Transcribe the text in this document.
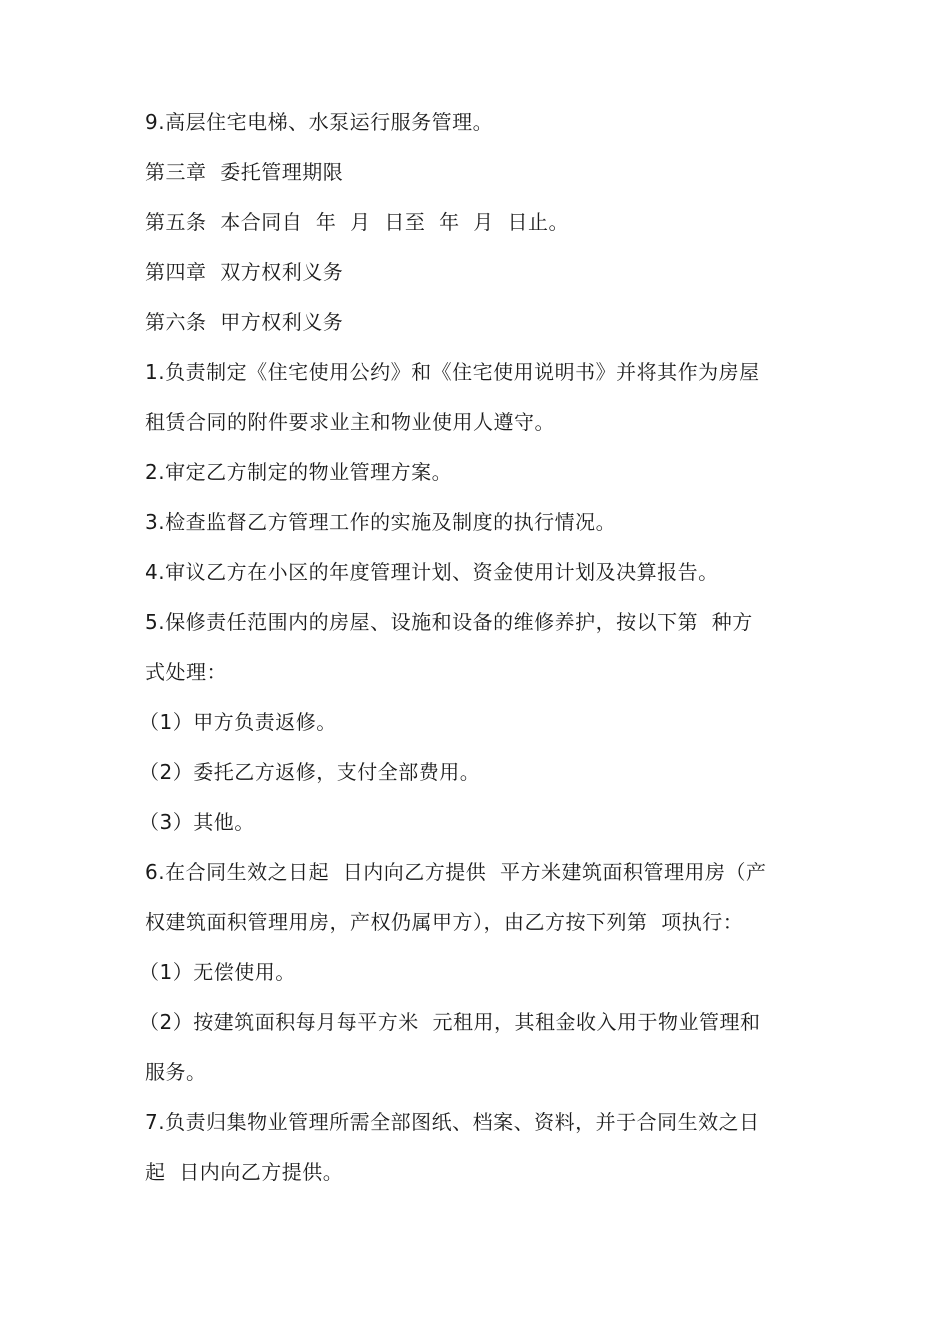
9.高层住宅电梯、水泵运行服务管理。
第三章  委托管理期限
第五条  本合同自  年  月  日至  年  月  日止。
第四章  双方权利义务
第六条  甲方权利义务
1.负责制定《住宅使用公约》和《住宅使用说明书》并将其作为房屋
租赁合同的附件要求业主和物业使用人遵守。
2.审定乙方制定的物业管理方案。
3.检查监督乙方管理工作的实施及制度的执行情况。
4.审议乙方在小区的年度管理计划、资金使用计划及决算报告。
5.保修责任范围内的房屋、设施和设备的维修养护，按以下第  种方
式处理：
（1）甲方负责返修。
（2）委托乙方返修，支付全部费用。
（3）其他。
6.在合同生效之日起  日内向乙方提供  平方米建筑面积管理用房（产
权建筑面积管理用房，产权仍属甲方），由乙方按下列第  项执行：
（1）无偿使用。
（2）按建筑面积每月每平方米  元租用，其租金收入用于物业管理和
服务。
7.负责归集物业管理所需全部图纸、档案、资料，并于合同生效之日
起  日内向乙方提供。
